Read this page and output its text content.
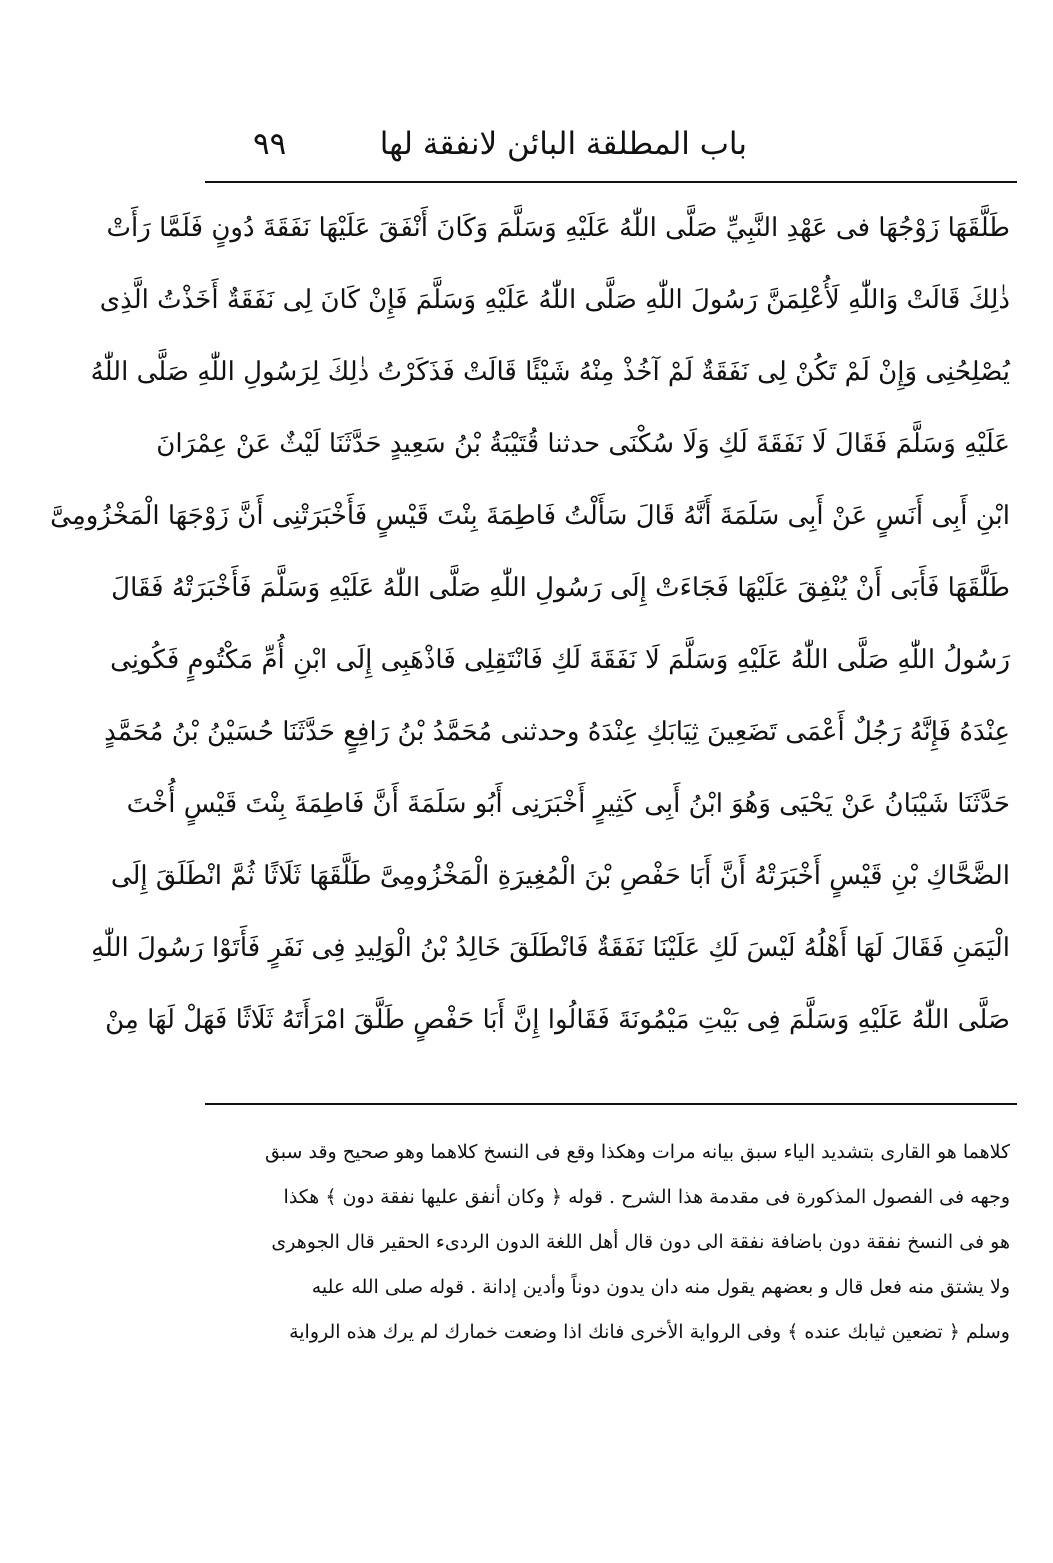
باب المطلقة البائن لانفقة لها
٩٩
طَلَّقَهَا زَوْجُهَا فى عَهْدِ النَّبِيِّ صَلَّى اللّٰهُ عَلَيْهِ وَسَلَّمَ وَكَانَ أَنْفَقَ عَلَيْهَا نَفَقَةَ دُونٍ فَلَمَّا رَأَتْ
ذٰلِكَ قَالَتْ وَاللّٰهِ لَأُعْلِمَنَّ رَسُولَ اللّٰهِ صَلَّى اللّٰهُ عَلَيْهِ وَسَلَّمَ فَإِنْ كَانَ لِى نَفَقَةٌ أَخَذْتُ الَّذِى
يُصْلِحُنِى وَإِنْ لَمْ تَكُنْ لِى نَفَقَةٌ لَمْ آخُذْ مِنْهُ شَيْئًا قَالَتْ فَذَكَرْتُ ذٰلِكَ لِرَسُولِ اللّٰهِ صَلَّى اللّٰهُ
عَلَيْهِ وَسَلَّمَ فَقَالَ لَا نَفَقَةَ لَكِ وَلَا سُكْنَى حدثنا قُتَيْبَةُ بْنُ سَعِيدٍ حَدَّثَنَا لَيْثٌ عَنْ عِمْرَانَ
ابْنِ أَبِى أَنَسٍ عَنْ أَبِى سَلَمَةَ أَنَّهُ قَالَ سَأَلْتُ فَاطِمَةَ بِنْتَ قَيْسٍ فَأَخْبَرَتْنِى أَنَّ زَوْجَهَا الْمَخْزُومِىَّ
طَلَّقَهَا فَأَبَى أَنْ يُنْفِقَ عَلَيْهَا فَجَاءَتْ إِلَى رَسُولِ اللّٰهِ صَلَّى اللّٰهُ عَلَيْهِ وَسَلَّمَ فَأَخْبَرَتْهُ فَقَالَ
رَسُولُ اللّٰهِ صَلَّى اللّٰهُ عَلَيْهِ وَسَلَّمَ لَا نَفَقَةَ لَكِ فَانْتَقِلِى فَاذْهَبِى إِلَى ابْنِ أُمِّ مَكْتُومٍ فَكُونِى
عِنْدَهُ فَإِنَّهُ رَجُلٌ أَعْمَى تَضَعِينَ ثِيَابَكِ عِنْدَهُ وحدثنى مُحَمَّدُ بْنُ رَافِعٍ حَدَّثَنَا حُسَيْنُ بْنُ مُحَمَّدٍ
حَدَّثَنَا شَيْبَانُ عَنْ يَحْيَى وَهُوَ ابْنُ أَبِى كَثِيرٍ أَخْبَرَنِى أَبُو سَلَمَةَ أَنَّ فَاطِمَةَ بِنْتَ قَيْسٍ أُخْتَ
الضَّحَّاكِ بْنِ قَيْسٍ أَخْبَرَتْهُ أَنَّ أَبَا حَفْصِ بْنَ الْمُغِيرَةِ الْمَخْزُومِىَّ طَلَّقَهَا ثَلَاثًا ثُمَّ انْطَلَقَ إِلَى
الْيَمَنِ فَقَالَ لَهَا أَهْلُهُ لَيْسَ لَكِ عَلَيْنَا نَفَقَةٌ فَانْطَلَقَ خَالِدُ بْنُ الْوَلِيدِ فِى نَفَرٍ فَأَتَوْا رَسُولَ اللّٰهِ
صَلَّى اللّٰهُ عَلَيْهِ وَسَلَّمَ فِى بَيْتِ مَيْمُونَةَ فَقَالُوا إِنَّ أَبَا حَفْصٍ طَلَّقَ امْرَأَتَهُ ثَلَاثًا فَهَلْ لَهَا مِنْ
كلاهما هو القارى بتشديد الياء سبق بيانه مرات وهكذا وقع فى النسخ كلاهما وهو صحيح وقد سبق
وجهه فى الفصول المذكورة فى مقدمة هذا الشرح . قوله ﴿ وكان أنفق عليها نفقة دون ﴾ هكذا
هو فى النسخ نفقة دون باضافة نفقة الى دون قال أهل اللغة الدون الردىء الحقير قال الجوهرى
ولا يشتق منه فعل قال و بعضهم يقول منه دان يدون دوناً وأدين إدانة . قوله صلى الله عليه
وسلم ﴿ تضعين ثيابك عنده ﴾ وفى الرواية الأخرى فانك اذا وضعت خمارك لم يرك هذه الرواية
